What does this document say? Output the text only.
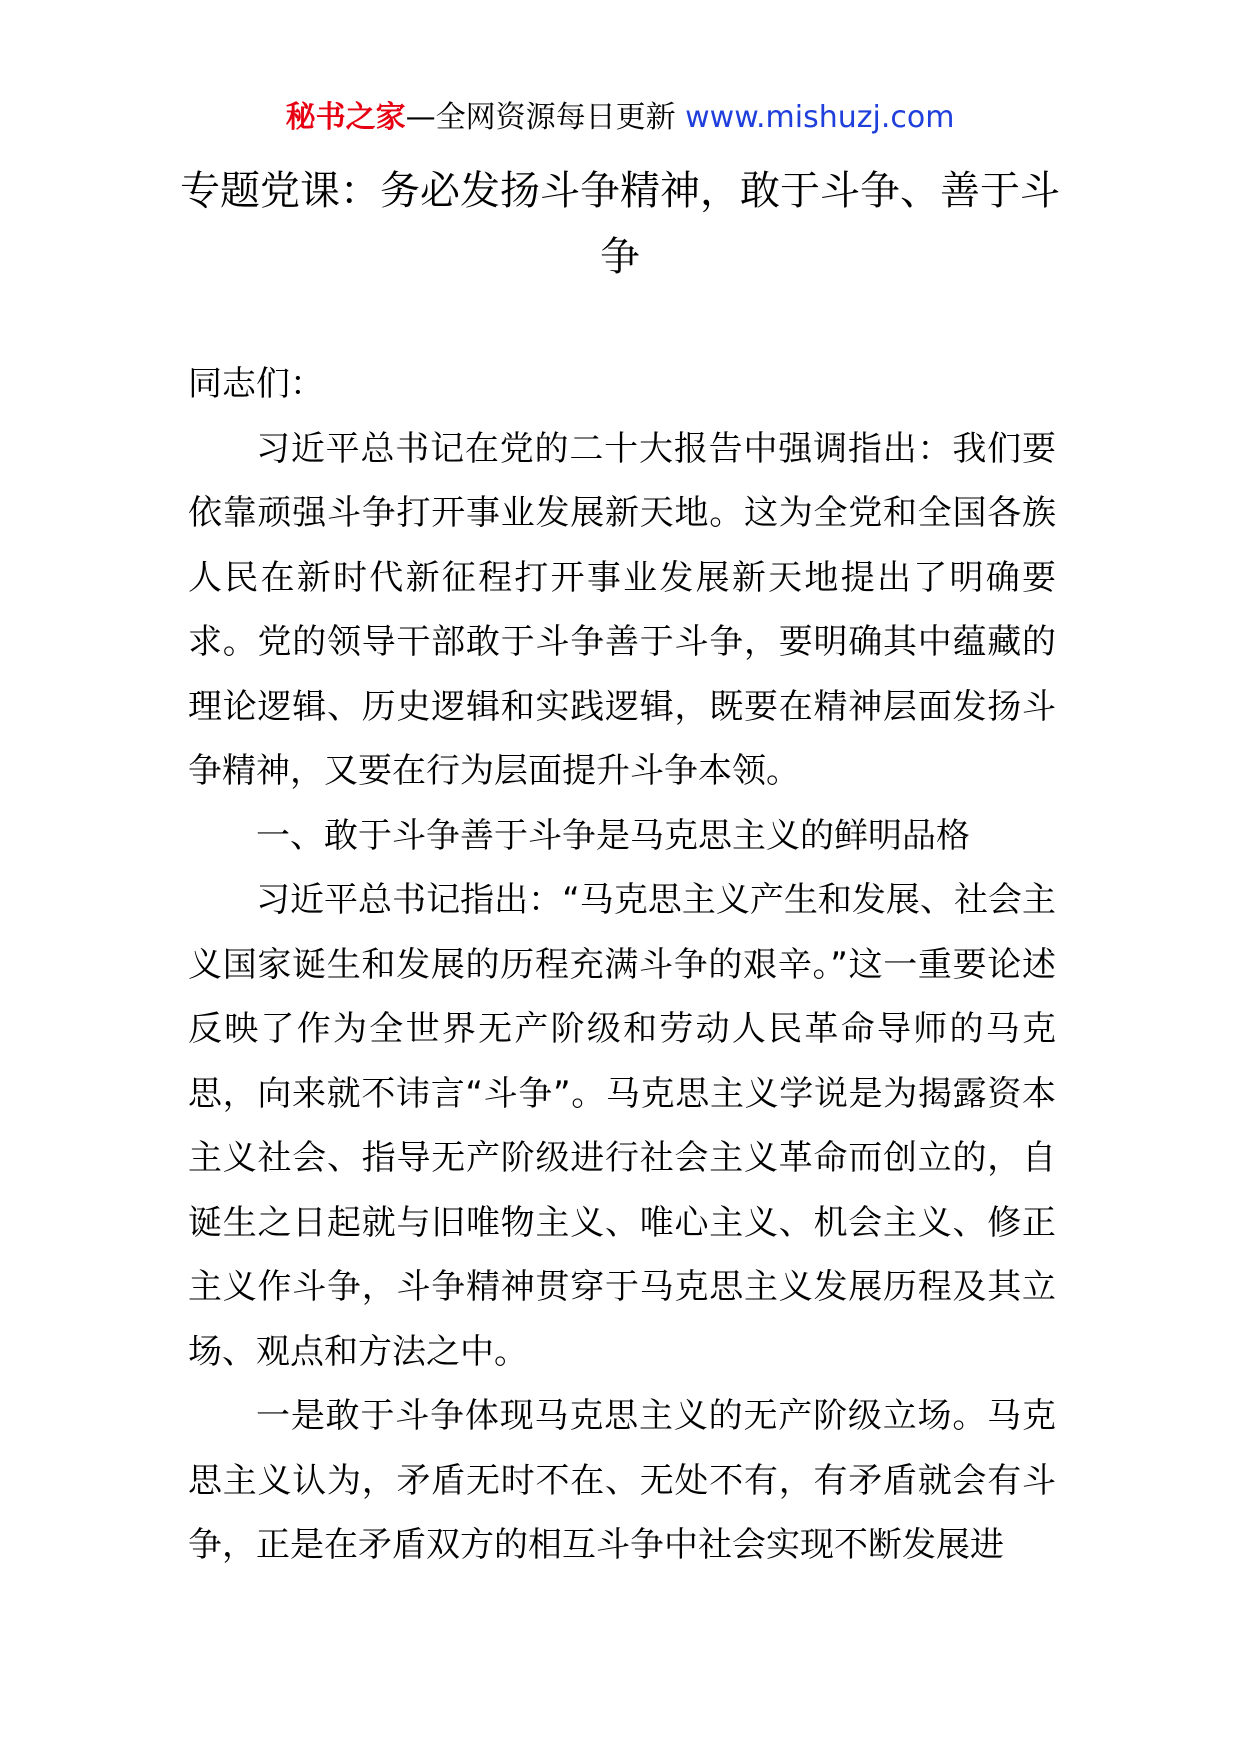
秘书之家—全网资源每日更新 www.mishuzj.com
专题党课：务必发扬斗争精神，敢于斗争、善于斗争

同志们：

习近平总书记在党的二十大报告中强调指出：我们要依靠顽强斗争打开事业发展新天地。这为全党和全国各族人民在新时代新征程打开事业发展新天地提出了明确要求。党的领导干部敢于斗争善于斗争，要明确其中蕴藏的理论逻辑、历史逻辑和实践逻辑，既要在精神层面发扬斗争精神，又要在行为层面提升斗争本领。

一、敢于斗争善于斗争是马克思主义的鲜明品格

习近平总书记指出：“马克思主义产生和发展、社会主义国家诞生和发展的历程充满斗争的艰辛。”这一重要论述反映了作为全世界无产阶级和劳动人民革命导师的马克思，向来就不讳言“斗争”。马克思主义学说是为揭露资本主义社会、指导无产阶级进行社会主义革命而创立的，自诞生之日起就与旧唯物主义、唯心主义、机会主义、修正主义作斗争，斗争精神贯穿于马克思主义发展历程及其立场、观点和方法之中。

一是敢于斗争体现马克思主义的无产阶级立场。马克思主义认为，矛盾无时不在、无处不有，有矛盾就会有斗争，正是在矛盾双方的相互斗争中社会实现不断发展进
